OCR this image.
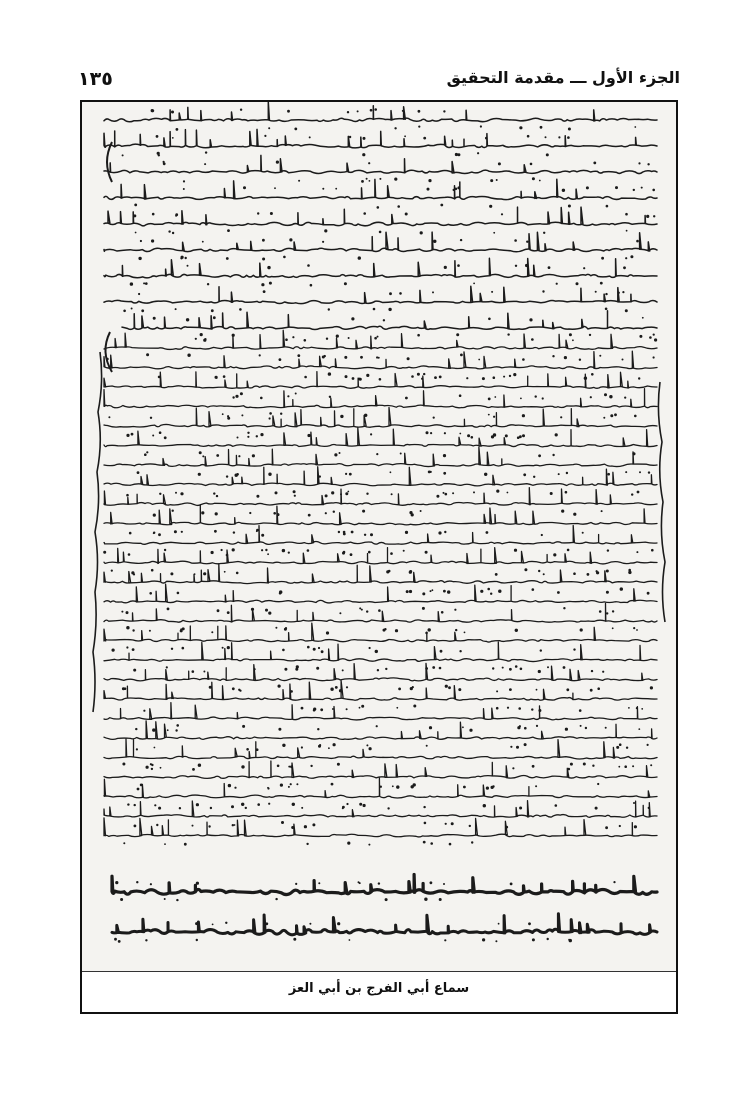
الجزء الأول ـــ مقدمة التحقيق
١٣٥
سماع أبي الفرج بن أبي العز
